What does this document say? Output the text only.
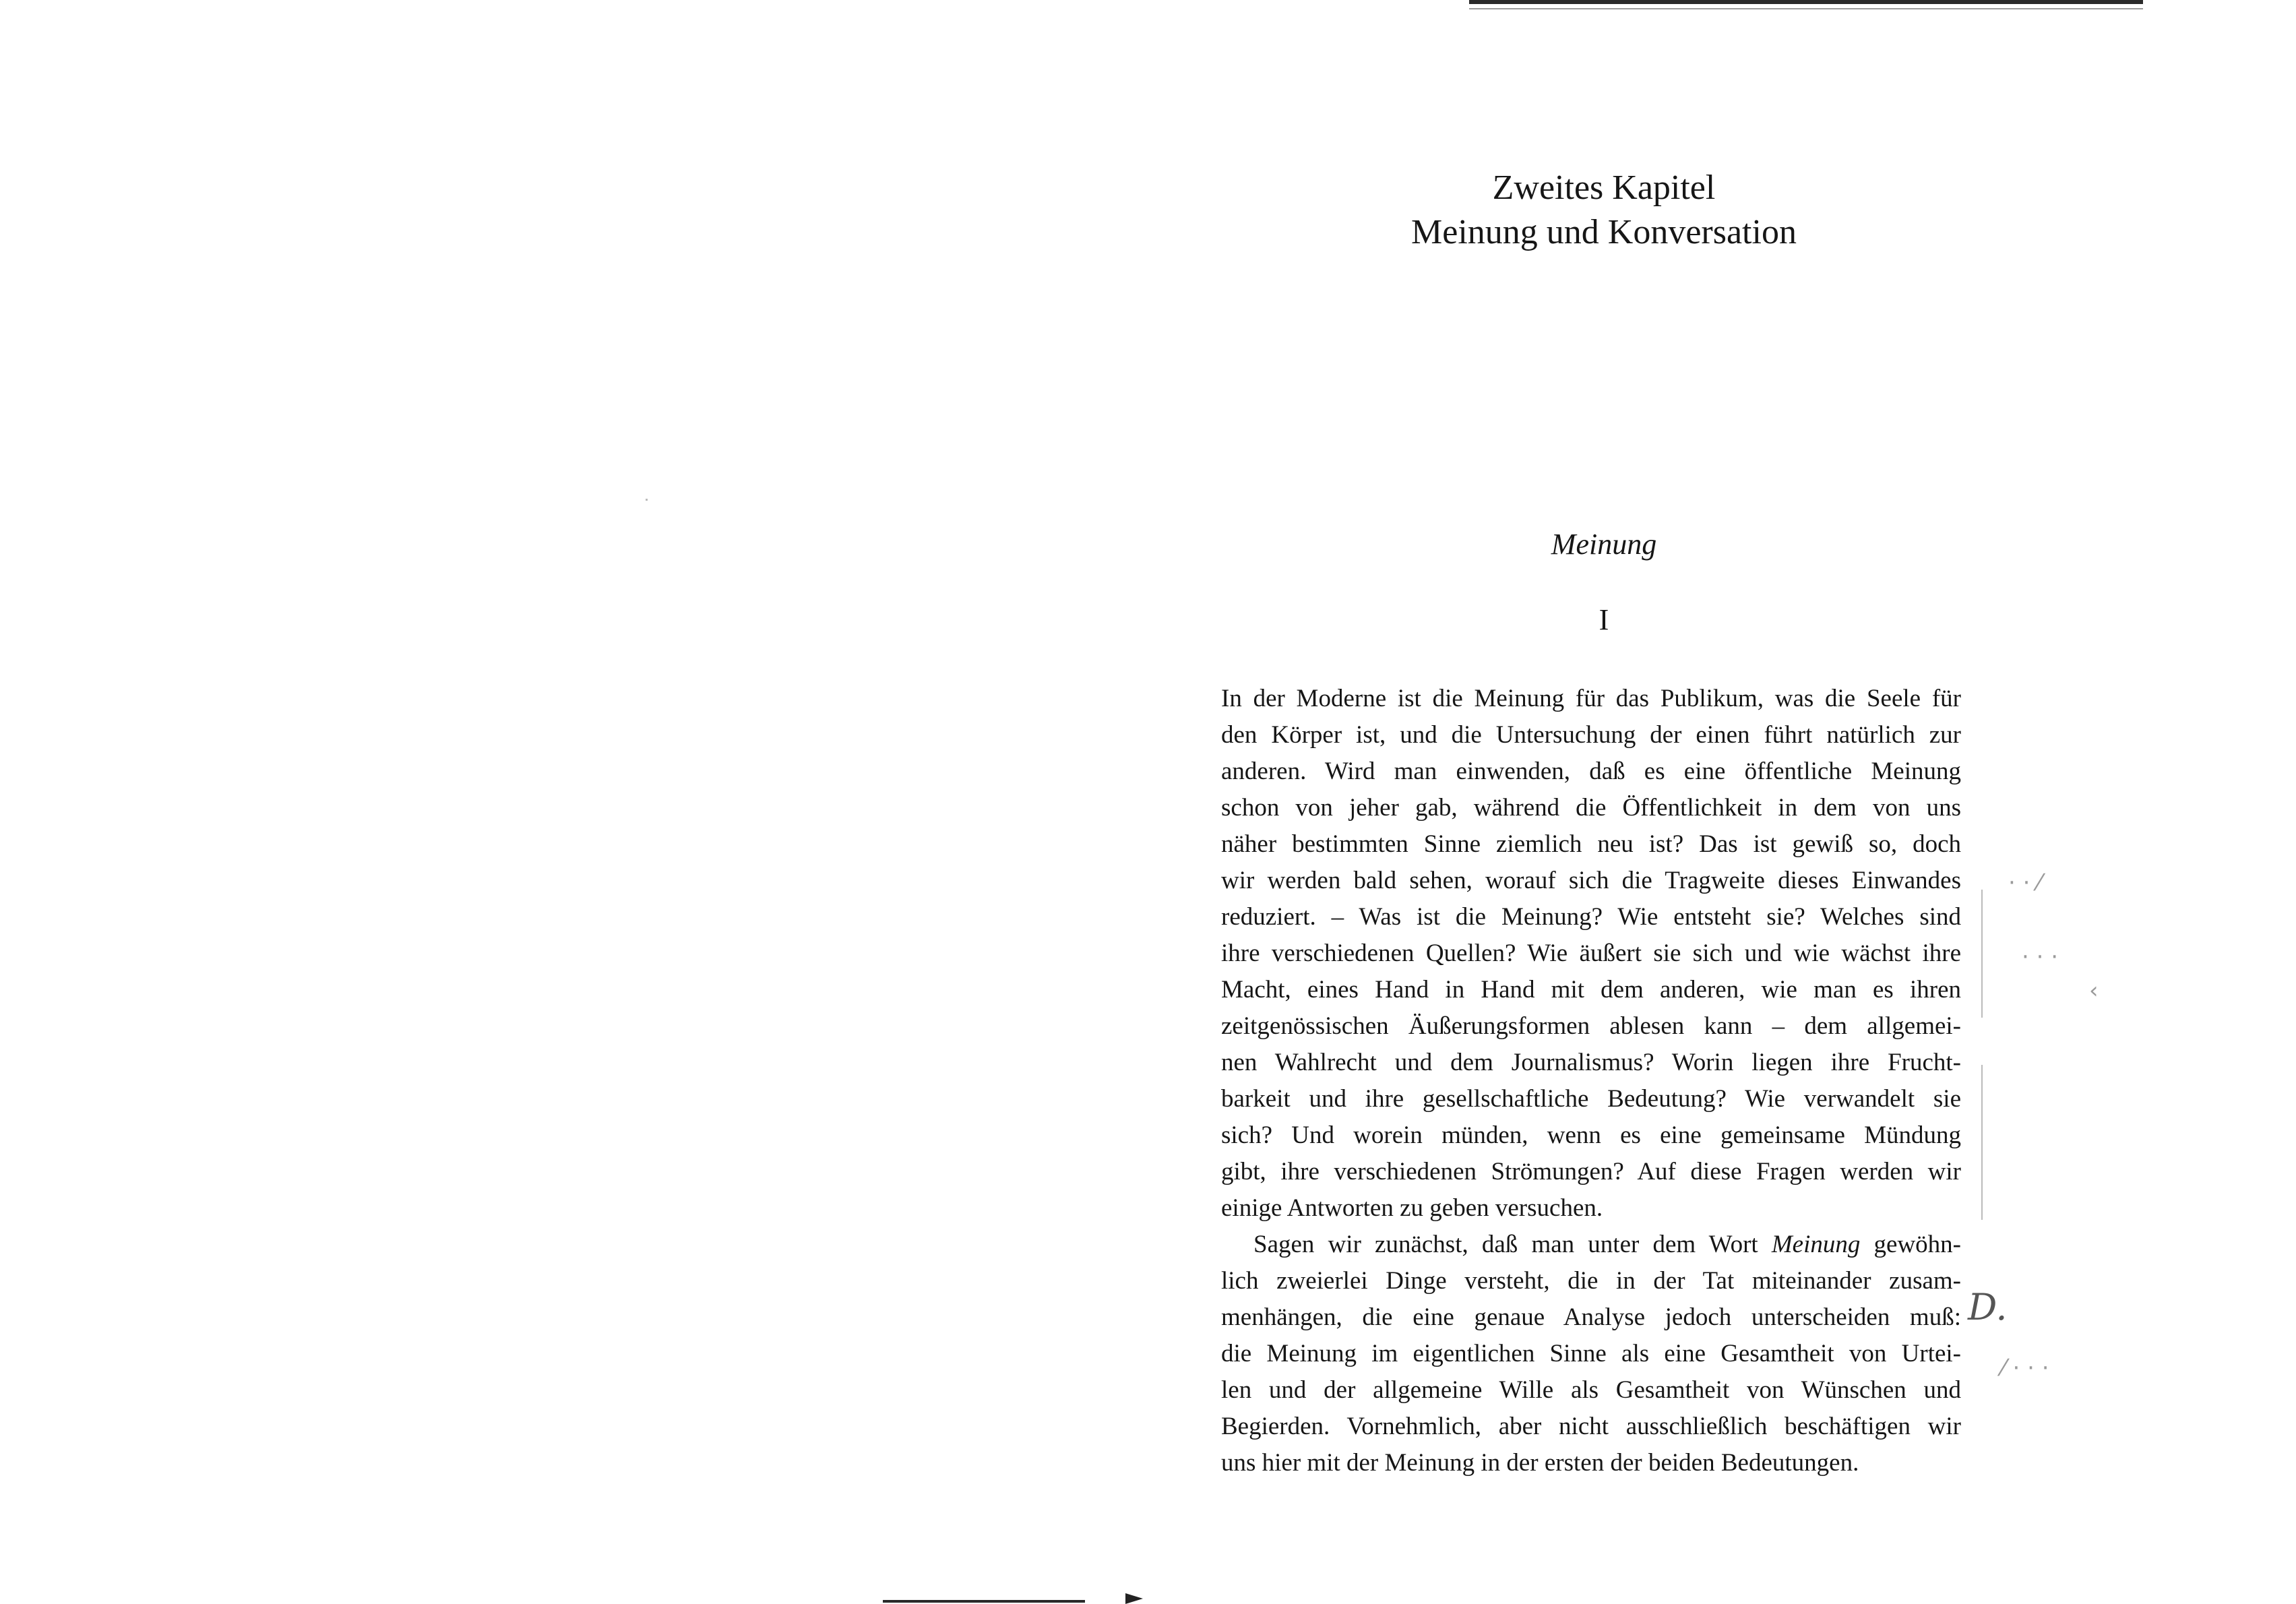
Zweites Kapitel
Meinung und Konversation
Meinung
I
In der Moderne ist die Meinung für das Publikum, was die Seele für
den Körper ist, und die Untersuchung der einen führt natürlich zur
anderen. Wird man einwenden, daß es eine öffentliche Meinung
schon von jeher gab, während die Öffentlichkeit in dem von uns
näher bestimmten Sinne ziemlich neu ist? Das ist gewiß so, doch
wir werden bald sehen, worauf sich die Tragweite dieses Einwandes
reduziert. – Was ist die Meinung? Wie entsteht sie? Welches sind
ihre verschiedenen Quellen? Wie äußert sie sich und wie wächst ihre
Macht, eines Hand in Hand mit dem anderen, wie man es ihren
zeitgenössischen Äußerungsformen ablesen kann – dem allgemei-
nen Wahlrecht und dem Journalismus? Worin liegen ihre Frucht-
barkeit und ihre gesellschaftliche Bedeutung? Wie verwandelt sie
sich? Und worein münden, wenn es eine gemeinsame Mündung
gibt, ihre verschiedenen Strömungen? Auf diese Fragen werden wir
einige Antworten zu geben versuchen.
Sagen wir zunächst, daß man unter dem Wort Meinung gewöhn-
lich zweierlei Dinge versteht, die in der Tat miteinander zusam-
menhängen, die eine genaue Analyse jedoch unterscheiden muß:
die Meinung im eigentlichen Sinne als eine Gesamtheit von Urtei-
len und der allgemeine Wille als Gesamtheit von Wünschen und
Begierden. Vornehmlich, aber nicht ausschließlich beschäftigen wir
uns hier mit der Meinung in der ersten der beiden Bedeutungen.
· · ⁄
· · ·
‹
⁄ · · ·
D.
